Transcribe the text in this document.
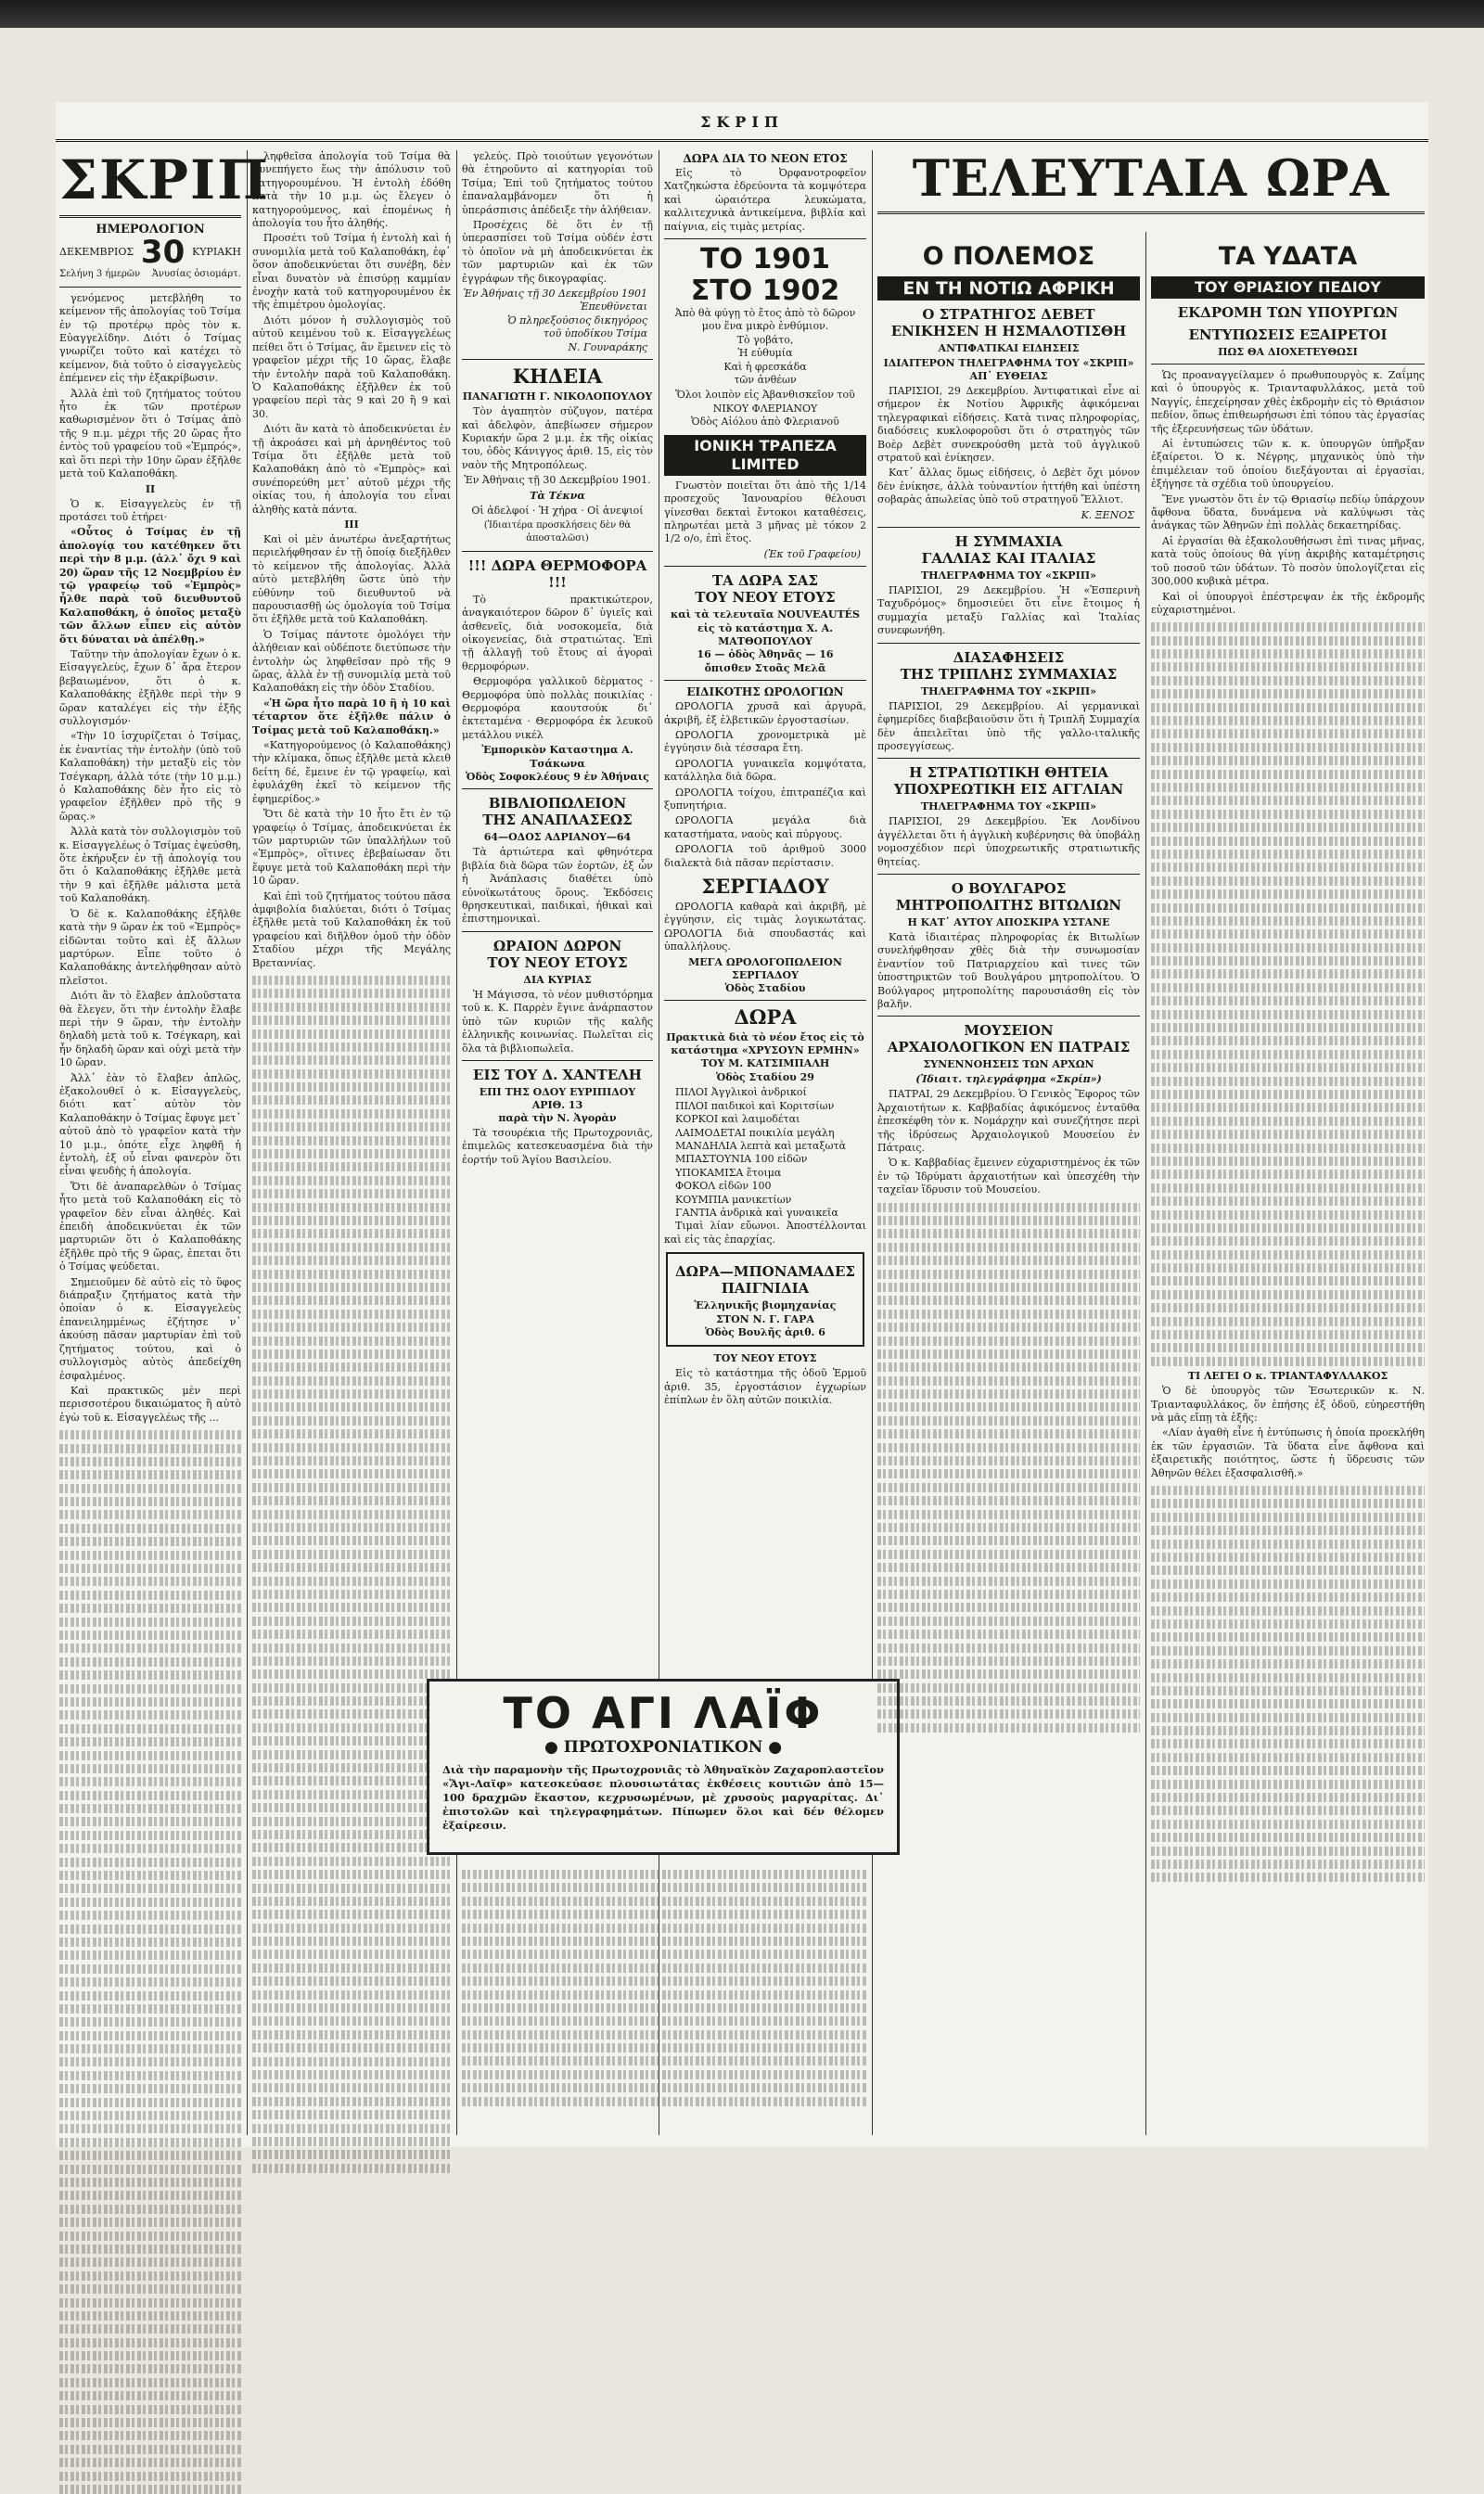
ΣΚΡΙΠ
ΣΚΡΙΠ
ΗΜΕΡΟΛΟΓΙΟΝ
ΔΕΚΕΜΒΡΙΟΣ 30 ΚΥΡΙΑΚΗ
Σελήνη 3 ήμερῶν Ἀνυσίας ὁσιομάρτ.

γενόμενος μετεβλήθη το κείμενον τῆς ἀπολογίας τοῦ Τσίμα ἐν τῷ προτέρῳ πρὸς τὸν κ. Εὐαγγελίδην. Διότι ὁ Τσίμας γνωρίζει τοῦτο καὶ κατέχει τὸ κείμενον, διὰ τοῦτο ὁ εἰσαγγελεὺς ἐπέμενεν εἰς τὴν ἐξακρίβωσιν.

Ἀλλὰ ἐπὶ τοῦ ζητήματος τούτου ἦτο ἐκ τῶν προτέρων καθωρισμένον ὅτι ὁ Τσίμας ἀπὸ τῆς 9 π.μ. μέχρι τῆς 20 ὥρας ἦτο ἐντὸς τοῦ γραφείου τοῦ «Ἐμπρός», καὶ ὅτι περὶ τὴν 10ην ὥραν ἐξῆλθε μετὰ τοῦ Καλαποθάκη.

II

Ὁ κ. Εἰσαγγελεὺς ἐν τῇ προτάσει τοῦ ἐτήρει·

«Οὗτος ὁ Τσίμας ἐν τῇ ἀπολογίᾳ του κατέθηκεν ὅτι περὶ τὴν 8 μ.μ. (ἀλλ᾽ ὄχι 9 καὶ 20) ὥραν τῆς 12 Νοεμβρίου ἐν τῷ γραφείῳ τοῦ «Ἐμπρὸς» ἦλθε παρὰ τοῦ διευθυντοῦ Καλαποθάκη, ὁ ὁποῖος μεταξὺ τῶν ἄλλων εἶπεν εἰς αὐτὸν ὅτι δύναται νὰ ἀπέλθῃ.»

Ταῦτην τὴν ἀπολογίαν ἔχων ὁ κ. Εἰσαγγελεὺς, ἔχων δ᾽ ἄρα ἔτερον βεβαιωμένον, ὅτι ὁ κ. Καλαποθάκης ἐξῆλθε περὶ τὴν 9 ὥραν καταλέγει εἰς τὴν ἑξῆς συλλογισμόν·

«Τὴν 10 ἰσχυρίζεται ὁ Τσίμας, ἐκ ἐναντίας τὴν ἐντολὴν (ὑπὸ τοῦ Καλαποθάκη) τὴν μεταξὺ εἰς τὸν Τσέγκαρη, ἀλλὰ τότε (τὴν 10 μ.μ.) ὁ Καλαποθάκης δὲν ἦτο εἰς τὸ γραφεῖον ἐξῆλθεν πρὸ τῆς 9 ὥρας.»

Ἀλλὰ κατὰ τὸν συλλογισμὸν τοῦ κ. Εἰσαγγελέως ὁ Τσίμας ἐψεύσθη, ὅτε ἐκήρυξεν ἐν τῇ ἀπολογίᾳ του ὅτι ὁ Καλαποθάκης ἐξῆλθε μετὰ τὴν 9 καὶ ἐξῆλθε μάλιστα μετὰ τοῦ Καλαποθάκη.

Ὁ δὲ κ. Καλαποθάκης ἐξῆλθε κατὰ τὴν 9 ὥραν ἐκ τοῦ «Ἐμπρὸς» εἰδῶνται τοῦτο καὶ ἐξ ἄλλων μαρτύρων. Εἶπε τοῦτο ὁ Καλαποθάκης ἀντελήφθησαν αὐτὸ πλεῖστοι.

Διότι ἂν τὸ ἔλαβεν ἀπλοῦστατα θὰ ἔλεγεν, ὅτι τὴν ἐντολὴν ἔλαβε περὶ τὴν 9 ὥραν, τὴν ἐντολὴν δηλαδὴ μετὰ τοῦ κ. Τσέγκαρη, καὶ ἦν δηλαδὴ ὥραν καὶ οὐχὶ μετὰ τὴν 10 ὥραν.

Ἀλλ᾽ ἐὰν τὸ ἔλαβεν ἀπλῶς, ἐξακολουθεῖ ὁ κ. Εἰσαγγελεὺς, διότι κατ᾽ αὐτὸν τὸν Καλαποθάκην ὁ Τσίμας ἔφυγε μετ᾽ αὐτοῦ ἀπὸ τὸ γραφεῖον κατὰ τὴν 10 μ.μ., ὁπότε εἶχε ληφθῆ ἡ ἐντολὴ, ἐξ οὗ εἶναι φανερὸν ὅτι εἶναι ψευδὴς ἡ ἀπολογία.

Ὅτι δὲ ἀναπαρελθὼν ὁ Τσίμας ἦτο μετὰ τοῦ Καλαποθάκη εἰς τὸ γραφεῖον δὲν εἶναι ἀληθές. Καὶ ἐπειδὴ ἀποδεικνύεται ἐκ τῶν μαρτυριῶν ὅτι ὁ Καλαποθάκης ἐξῆλθε πρὸ τῆς 9 ὥρας, ἐπεται ὅτι ὁ Τσίμας ψεύδεται.

Σημειοῦμεν δὲ αὐτὸ εἰς τὸ ὕφος διάπραξιν ζητήματος κατὰ τὴν ὁποίαν ὁ κ. Εἰσαγγελεὺς ἐπανειλημμένως ἐζήτησε ν᾽ ἀκούσῃ πᾶσαν μαρτυρίαν ἐπὶ τοῦ ζητήματος τούτου, καὶ ὁ συλλογισμὸς αὐτὸς ἀπεδείχθη ἐσφαλμένος.

Καὶ πρακτικῶς μὲν περὶ περισσοτέρου δικαιώματος ἢ αὐτὸ ἐγὼ τοῦ κ. Εἰσαγγελέως τῆς ...

ληφθεῖσα ἀπολογία τοῦ Τσίμα θὰ συνεπήγετο ἕως τὴν ἀπόλυσιν τοῦ κατηγορουμένου. Ἡ ἐντολὴ ἐδόθη κατὰ τὴν 10 μ.μ. ὡς ἔλεγεν ὁ κατηγορούμενος, καὶ ἐπομένως ἡ ἀπολογία του ἦτο ἀληθής.

Προσέτι τοῦ Τσίμα ἡ ἐντολὴ καὶ ἡ συνομιλία μετὰ τοῦ Καλαποθάκη, ἐφ᾽ ὅσον ἀποδεικνύεται ὅτι συνέβη, δὲν εἶναι δυνατὸν νὰ ἐπισύρῃ καμμίαν ἐνοχὴν κατὰ τοῦ κατηγορουμένου ἐκ τῆς ἐπιμέτρου ὁμολογίας.

Διότι μόνον ἡ συλλογισμὸς τοῦ αὐτοῦ κειμένου τοῦ κ. Εἰσαγγελέως πείθει ὅτι ὁ Τσίμας, ἂν ἔμεινεν εἰς τὸ γραφεῖον μέχρι τῆς 10 ὥρας, ἔλαβε τὴν ἐντολὴν παρὰ τοῦ Καλαποθάκη. Ὁ Καλαποθάκης ἐξῆλθεν ἐκ τοῦ γραφείου περὶ τὰς 9 καὶ 20 ἢ 9 καὶ 30.

Διότι ἂν κατὰ τὸ ἀποδεικνύεται ἐν τῇ ἀκροάσει καὶ μὴ ἀρνηθέντος τοῦ Τσίμα ὅτι ἐξῆλθε μετὰ τοῦ Καλαποθάκη ἀπὸ τὸ «Ἐμπρὸς» καὶ συνέπορεύθη μετ᾽ αὐτοῦ μέχρι τῆς οἰκίας του, ἡ ἀπολογία του εἶναι ἀληθὴς κατὰ πάντα.

III

Καὶ οἱ μὲν ἀνωτέρω ἀνεξαρτήτως περιελήφθησαν ἐν τῇ ὁποίᾳ διεξῆλθεν τὸ κείμενον τῆς ἀπολογίας. Ἀλλὰ αὐτὸ μετεβλήθη ὥστε ὑπὸ τὴν εὐθύνην τοῦ διευθυντοῦ νὰ παρουσιασθῇ ὡς ὁμολογία τοῦ Τσίμα ὅτι ἐξῆλθε μετὰ τοῦ Καλαποθάκη.

Ὁ Τσίμας πάντοτε ὁμολόγει τὴν ἀλήθειαν καὶ οὐδέποτε διετύπωσε τὴν ἐντολὴν ὡς ληφθεῖσαν πρὸ τῆς 9 ὥρας, ἀλλὰ ἐν τῇ συνομιλίᾳ μετὰ τοῦ Καλαποθάκη εἰς τὴν ὁδὸν Σταδίου.

«Ἡ ὥρα ἦτο παρὰ 10 ἢ ἡ 10 καὶ τέταρτον ὅτε ἐξῆλθε πάλιν ὁ Τσίμας μετὰ τοῦ Καλαποθάκη.»

«Κατηγορούμενος (ὁ Καλαποθάκης) τὴν κλίμακα, ὅπως ἐξῆλθε μετὰ κλειθ δείτη δέ, ἔμεινε ἐν τῷ γραφείῳ, καὶ ἐφυλάχθη ἐκεῖ τὸ κείμενον τῆς ἐφημερίδος.»

Ὅτι δὲ κατὰ τὴν 10 ἦτο ἔτι ἐν τῷ γραφείῳ ὁ Τσίμας, ἀποδεικνύεται ἐκ τῶν μαρτυριῶν τῶν ὑπαλλήλων τοῦ «Ἐμπρὸς», οἵτινες ἐβεβαίωσαν ὅτι ἔφυγε μετὰ τοῦ Καλαποθάκη περὶ τὴν 10 ὥραν.

Καὶ ἐπὶ τοῦ ζητήματος τούτου πᾶσα ἀμφιβολία διαλύεται, διότι ὁ Τσίμας ἐξῆλθε μετὰ τοῦ Καλαποθάκη ἐκ τοῦ γραφείου καὶ διῆλθον ὁμοῦ τὴν ὁδὸν Σταδίου μέχρι τῆς Μεγάλης Βρεταννίας.

γελεύς. Πρὸ τοιούτων γεγονότων θὰ ἐτηροῦντο αἱ κατηγορίαι τοῦ Τσίμα; Ἐπὶ τοῦ ζητήματος τούτου ἐπαναλαμβάνομεν ὅτι ἡ ὑπεράσπισις ἀπέδειξε τὴν ἀλήθειαν.

Προσέχεις δὲ ὅτι ἐν τῇ ὑπερασπίσει τοῦ Τσίμα οὐδέν ἐστι τὸ ὁποῖον νὰ μὴ ἀποδεικνύεται ἐκ τῶν μαρτυριῶν καὶ ἐκ τῶν ἐγγράφων τῆς δικογραφίας.

Ἐν Ἀθήναις τῇ 30 Δεκεμβρίου 1901
Ἐπευθύνεται
Ὁ πληρεξούσιος δικηγόρος
τοῦ ὑποδίκου Τσίμα
Ν. Γουναράκης
ΚΗΔΕΙΑ
ΠΑΝΑΓΙΩΤΗ Γ. ΝΙΚΟΛΟΠΟΥΛΟΥ

Τὸν ἀγαπητὸν σύζυγον, πατέρα καὶ ἀδελφὸν, ἀπεβίωσεν σήμερον Κυριακήν ὥρα 2 μ.μ. ἐκ τῆς οἰκίας του, ὁδὸς Κάνιγγος ἀριθ. 15, εἰς τὸν ναὸν τῆς Μητροπόλεως.

Ἐν Ἀθήναις τῇ 30 Δεκεμβρίου 1901.

Τὰ Τέκνα

Οἱ ἀδελφοί · Ἡ χήρα · Οἱ ἀνεψιοί

(Ἰδιαιτέρα προσκλήσεις δὲν θὰ ἀποσταλῶσι)

!!! ΔΩΡΑ ΘΕΡΜΟΦΟΡΑ !!!

Τὸ πρακτικώτερον, ἀναγκαιότερον δῶρον δ᾽ ὑγιεῖς καὶ ἀσθενεῖς, διὰ νοσοκομεῖα, διὰ οἰκογενείας, διὰ στρατιώτας. Ἐπὶ τῇ ἀλλαγῇ τοῦ ἔτους αἱ ἀγοραὶ θερμοφόρων.

Θερμοφόρα γαλλικοῦ δὲρματος · Θερμοφόρα ὑπὸ πολλὰς ποικιλίας · Θερμοφόρα καουτσούκ δι᾽ ἐκτεταμένα · Θερμοφόρα ἐκ λευκοῦ μετάλλου νικέλ

Ἐμπορικὸν Καταστημα Α. Τσάκωνα
Ὁδὸς Σοφοκλέους 9 ἐν Ἀθήναις

ΒΙΒΛΙΟΠΩΛΕΙΟΝ
ΤΗΣ ΑΝΑΠΛΑΣΕΩΣ
64—ΟΔΟΣ ΑΔΡΙΑΝΟΥ—64

Τὰ ἀρτιώτερα καὶ φθηνότερα βιβλία διὰ δῶρα τῶν ἑορτῶν, ἐξ ὧν ἡ Ἀνάπλασις διαθέτει ὑπὸ εὐνοϊκωτάτους ὅρους. Ἐκδόσεις θρησκευτικαὶ, παιδικαὶ, ἠθικαὶ καὶ ἐπιστημονικαὶ.

ΩΡΑΙΟΝ ΔΩΡΟΝ
ΤΟΥ ΝΕΟΥ ΕΤΟΥΣ
ΔΙΑ ΚΥΡΙΑΣ

Ἡ Μάγισσα, τὸ νέον μυθιστόρημα τοῦ κ. Κ. Παρρὲν ἔγινε ἀνάρπαστον ὑπὸ τῶν κυριῶν τῆς καλῆς ἑλληνικῆς κοινωνίας. Πωλεῖται εἰς ὅλα τὰ βιβλιοπωλεῖα.

ΕΙΣ ΤΟΥ Δ. ΧΑΝΤΕΛΗ
ΕΠΙ ΤΗΣ ΟΔΟΥ ΕΥΡΙΠΙΔΟΥ ΑΡΙΘ. 13
παρὰ τὴν Ν. Ἀγορὰν

Τὰ τσουρέκια τῆς Πρωτοχρονιᾶς, ἐπιμελῶς κατεσκευασμένα διὰ τὴν ἑορτήν τοῦ Ἁγίου Βασιλείου.

ΔΩΡΑ ΔΙΑ ΤΟ ΝΕΟΝ ΕΤΟΣ

Εἰς τὸ Ὀρφανοτροφεῖον Χατζηκώστα ἐδρεύοντα τὰ κομψότερα καὶ ὡραιότερα λευκώματα, καλλιτεχνικὰ ἀντικείμενα, βιβλία καὶ παίγνια, εἰς τιμὰς μετρίας.

ΤΟ 1901
ΣΤΟ 1902

Ἀπὸ θὰ φύγῃ τὸ ἔτος ἀπὸ τὸ δῶρον μου ἕνα μικρὸ ἐνθύμιον.
Τὸ γοβάτο,
Ἡ εὐθυμία
Καὶ ἡ φρεσκάδα
τῶν ἀνθέων

Ὅλοι λοιπὸν εἰς Ἀβανθισκεῖον τοῦ ΝΙΚΟΥ ΦΛΕΡΙΑΝΟΥ
Ὁδὸς Αἰόλου ἀπὸ Φλεριανοῦ

ΙΟΝΙΚΗ ΤΡΑΠΕΖΑ LIMITED

Γνωστὸν ποιεῖται ὅτι ἀπὸ τῆς 1/14 προσεχοῦς Ἰανουαρίου θέλουσι γίνεσθαι δεκταὶ ἔντοκοι καταθέσεις, πληρωτέαι μετὰ 3 μῆνας μὲ τόκον 2 1/2 ο/ο, ἐπὶ ἕτος.

(Ἐκ τοῦ Γραφείου)
ΤΑ ΔΩΡΑ ΣΑΣ
ΤΟΥ ΝΕΟΥ ΕΤΟΥΣ

καὶ τὰ τελευταῖα NOUVEAUTÉS
εἰς τὸ κατάστημα Χ. Α. ΜΑΤΘΟΠΟΥΛΟΥ
16 — ὁδὸς Ἀθηνᾶς — 16
ὄπισθεν Στοᾶς Μελᾶ

ΕΙΔΙΚΟΤΗΣ ΩΡΟΛΟΓΙΩΝ

ΩΡΟΛΟΓΙΑ χρυσᾶ καὶ ἀργυρᾶ, ἀκριβῆ, ἐξ ἐλβετικῶν ἐργοστασίων.

ΩΡΟΛΟΓΙΑ χρονομετρικὰ μὲ ἐγγύησιν διὰ τέσσαρα ἔτη.

ΩΡΟΛΟΓΙΑ γυναικεῖα κομψότατα, κατάλληλα διὰ δῶρα.

ΩΡΟΛΟΓΙΑ τοίχου, ἐπιτραπέζια καὶ ξυπνητήρια.

ΩΡΟΛΟΓΙΑ μεγάλα διὰ καταστήματα, ναοὺς καὶ πύργους.

ΩΡΟΛΟΓΙΑ τοῦ ἀριθμοῦ 3000 διαλεκτὰ διὰ πᾶσαν περίστασιν.

ΣΕΡΓΙΑΔΟΥ

ΩΡΟΛΟΓΙΑ καθαρὰ καὶ ἀκριβῆ, μὲ ἐγγύησιν, εἰς τιμὰς λογικωτάτας. ΩΡΟΛΟΓΙΑ διὰ σπουδαστάς καὶ ὑπαλλήλους.

ΜΕΓΑ ΩΡΟΛΟΓΟΠΩΛΕΙΟΝ ΣΕΡΓΙΑΔΟΥ
Ὁδὸς Σταδίου
ΔΩΡΑ

Πρακτικὰ διὰ τὸ νέον ἔτος εἰς τὸ κατάστημα «ΧΡΥΣΟΥΝ ΕΡΜΗΝ»
ΤΟΥ Μ. ΚΑΤΣΙΜΠΑΛΗ
Ὁδὸς Σταδίου 29

ΠΙΛΟΙ Ἀγγλικοὶ ἀνδρικοί

ΠΙΛΟΙ παιδικοὶ καὶ Κοριτσίων

ΚΟΡΚΟΙ καὶ λαιμοδέται

ΛΑΙΜΟΔΕΤΑΙ ποικιλία μεγάλη

ΜΑΝΔΗΛΙΑ λεπτὰ καὶ μεταξωτὰ

ΜΠΑΣΤΟΥΝΙΑ 100 εἰδῶν

ΥΠΟΚΑΜΙΣΑ ἔτοιμα

ΦΟΚΟΛ εἰδῶν 100

ΚΟΥΜΠΙΑ μανικετίων

ΓΑΝΤΙΑ ἀνδρικὰ καὶ γυναικεῖα

Τιμαὶ λίαν εὔωνοι. Ἀποστέλλονται καὶ εἰς τὰς ἐπαρχίας.

ΔΩΡΑ—ΜΠΟΝΑΜΑΔΕΣ
ΠΑΙΓΝΙΔΙΑ

Ἑλληνικῆς βιομηχανίας
ΣΤΟΝ Ν. Γ. ΓΑΡΑ
Ὁδὸς Βουλῆς ἀριθ. 6

ΤΟΥ ΝΕΟΥ ΕΤΟΥΣ

Εἰς τὸ κατάστημα τῆς ὁδοῦ Ἑρμοῦ ἀριθ. 35, ἐργοστάσιον ἐγχωρίων ἐπίπλων ἐν ὅλη αὐτῶν ποικιλία.

ΤΟ ΑΓΙ ΛΑΪΦ
● ΠΡΩΤΟΧΡΟΝΙΑΤΙΚΟΝ ●
Διὰ τὴν παραμονὴν τῆς Πρωτοχρονιᾶς τὸ Ἀθηναϊκὸν Ζαχαροπλαστεῖον «Ἅγι-Λαϊφ» κατεσκεύασε πλουσιωτάτας ἐκθέσεις κουτιῶν ἀπὸ 15—100 δραχμῶν ἕκαστον, κεχρυσωμένων, μὲ χρυσοὺς μαργαρίτας. Δι᾽ ἐπιστολῶν καὶ τηλεγραφημάτων. Πίπωμεν ὅλοι καὶ δέν θέλομεν ἐξαίρεσιν.
ΤΕΛΕΥΤΑΙΑ ΩΡΑ
Ο ΠΟΛΕΜΟΣ
ΕΝ ΤΗ ΝΟΤΙΩ ΑΦΡΙΚΗ
Ο ΣΤΡΑΤΗΓΟΣ ΔΕΒΕΤ
ΕΝΙΚΗΣΕΝ Η ΗΣΜΑΛΟΤΙΣΘΗ
ΑΝΤΙΦΑΤΙΚΑΙ ΕΙΔΗΣΕΙΣ
ΙΔΙΑΙΤΕΡΟΝ ΤΗΛΕΓΡΑΦΗΜΑ ΤΟΥ «ΣΚΡΙΠ»
ΑΠ᾽ ΕΥΘΕΙΑΣ

ΠΑΡΙΣΙΟΙ, 29 Δεκεμβρίου. Ἀντιφατικαὶ εἶνε αἱ σήμερον ἐκ Νοτίου Ἀφρικῆς ἀφικόμεναι τηλεγραφικαὶ εἰδήσεις. Κατὰ τινας πληροφορίας, διαδόσεις κυκλοφοροῦσι ὅτι ὁ στρατηγὸς τῶν Βοὲρ Δεβὲτ συνεκρούσθη μετὰ τοῦ ἀγγλικοῦ στρατοῦ καὶ ἐνίκησεν.

Κατ᾽ ἄλλας ὅμως εἰδήσεις, ὁ Δεβὲτ ὄχι μόνον δὲν ἐνίκησε, ἀλλὰ τοὐναντίον ἡττήθη καὶ ὑπέστη σοβαρὰς ἀπωλείας ὑπὸ τοῦ στρατηγοῦ Ἔλλιοτ.

Κ. ΞΕΝΟΣ
Η ΣΥΜΜΑΧΙΑ
ΓΑΛΛΙΑΣ ΚΑΙ ΙΤΑΛΙΑΣ
ΤΗΛΕΓΡΑΦΗΜΑ ΤΟΥ «ΣΚΡΙΠ»

ΠΑΡΙΣΙΟΙ, 29 Δεκεμβρίου. Ἡ «Ἑσπερινὴ Ταχυδρόμος» δημοσιεύει ὅτι εἶνε ἔτοιμος ἡ συμμαχία μεταξὺ Γαλλίας καὶ Ἰταλίας συνεφωνήθη.

ΔΙΑΣΑΦΗΣΕΙΣ
ΤΗΣ ΤΡΙΠΛΗΣ ΣΥΜΜΑΧΙΑΣ
ΤΗΛΕΓΡΑΦΗΜΑ ΤΟΥ «ΣΚΡΙΠ»

ΠΑΡΙΣΙΟΙ, 29 Δεκεμβρίου. Αἱ γερμανικαὶ ἐφημερίδες διαβεβαιοῦσιν ὅτι ἡ Τριπλῆ Συμμαχία δὲν ἀπειλεῖται ὑπὸ τῆς γαλλο-ιταλικῆς προσεγγίσεως.

Η ΣΤΡΑΤΙΩΤΙΚΗ ΘΗΤΕΙΑ
ΥΠΟΧΡΕΩΤΙΚΗ ΕΙΣ ΑΓΓΛΙΑΝ
ΤΗΛΕΓΡΑΦΗΜΑ ΤΟΥ «ΣΚΡΙΠ»

ΠΑΡΙΣΙΟΙ, 29 Δεκεμβρίου. Ἐκ Λονδίνου ἀγγέλλεται ὅτι ἡ ἀγγλικὴ κυβέρνησις θὰ ὑποβάλῃ νομοσχέδιον περὶ ὑποχρεωτικῆς στρατιωτικῆς θητείας.

Ο ΒΟΥΛΓΑΡΟΣ
ΜΗΤΡΟΠΟΛΙΤΗΣ ΒΙΤΩΛΙΩΝ
Η ΚΑΤ᾽ ΑΥΤΟΥ ΑΠΟΣΚΙΡΑ ΥΣΤΑΝΕ

Κατὰ ἰδιαιτέρας πληροφορίας ἐκ Βιτωλίων συνελήφθησαν χθὲς διὰ τὴν συνωμοσίαν ἐναντίον τοῦ Πατριαρχείου καὶ τινες τῶν ὑποστηρικτῶν τοῦ Βουλγάρου μητροπολίτου. Ὁ Βούλγαρος μητροπολίτης παρουσιάσθη εἰς τὸν βαλῆν.

ΜΟΥΣΕΙΟΝ
ΑΡΧΑΙΟΛΟΓΙΚΟΝ ΕΝ ΠΑΤΡΑΙΣ
ΣΥΝΕΝΝΟΗΣΕΙΣ ΤΩΝ ΑΡΧΩΝ
(Ἰδιαιτ. τηλεγράφημα «Σκρίπ»)

ΠΑΤΡΑΙ, 29 Δεκεμβρίου. Ὁ Γενικὸς Ἔφορος τῶν Ἀρχαιοτήτων κ. Καββαδίας ἀφικόμενος ἐνταῦθα ἐπεσκέφθη τὸν κ. Νομάρχην καὶ συνεζήτησε περὶ τῆς ἱδρύσεως Ἀρχαιολογικοῦ Μουσείου ἐν Πάτραις.

Ὁ κ. Καββαδίας ἔμεινεν εὐχαριστημένος ἐκ τῶν ἐν τῷ Ἰδρύματι ἀρχαιοτήτων καὶ ὑπεσχέθη τὴν ταχεῖαν ἵδρυσιν τοῦ Μουσείου.

ΤΑ ΥΔΑΤΑ
ΤΟΥ ΘΡΙΑΣΙΟΥ ΠΕΔΙΟΥ
ΕΚΔΡΟΜΗ ΤΩΝ ΥΠΟΥΡΓΩΝ
ΕΝΤΥΠΩΣΕΙΣ ΕΞΑΙΡΕΤΟΙ
ΠΩΣ ΘΑ ΔΙΟΧΕΤΕΥΘΩΣΙ

Ὡς προαναγγείλαμεν ὁ πρωθυπουργὸς κ. Ζαΐμης καὶ ὁ ὑπουργὸς κ. Τριανταφυλλάκος, μετὰ τοῦ Ναγγίς, ἐπεχείρησαν χθὲς ἐκδρομὴν εἰς τὸ Θριάσιον πεδίον, ὅπως ἐπιθεωρήσωσι ἐπὶ τόπου τὰς ἐργασίας τῆς ἐξερευνήσεως τῶν ὑδάτων.

Αἱ ἐντυπώσεις τῶν κ. κ. ὑπουργῶν ὑπῆρξαν ἐξαίρετοι. Ὁ κ. Νέγρης, μηχανικὸς ὑπὸ τὴν ἐπιμέλειαν τοῦ ὁποίου διεξάγονται αἱ ἐργασίαι, ἐξήγησε τὰ σχέδια τοῦ ὑπουργείου.

Ἕνε γνωστὸν ὅτι ἐν τῷ Θριασίῳ πεδίῳ ὑπάρχουν ἄφθονα ὕδατα, δυνάμενα νὰ καλύψωσι τὰς ἀνάγκας τῶν Ἀθηνῶν ἐπὶ πολλὰς δεκαετηρίδας.

Αἱ ἐργασίαι θὰ ἐξακολουθήσωσι ἐπὶ τινας μῆνας, κατὰ τοὺς ὁποίους θὰ γίνῃ ἀκριβὴς καταμέτρησις τοῦ ποσοῦ τῶν ὑδάτων. Τὸ ποσὸν ὑπολογίζεται εἰς 300,000 κυβικὰ μέτρα.

Καὶ οἱ ὑπουργοὶ ἐπέστρεψαν ἐκ τῆς ἐκδρομῆς εὐχαριστημένοι.

ΤΙ ΛΕΓΕΙ Ο κ. ΤΡΙΑΝΤΑΦΥΛΛΑΚΟΣ

Ὁ δὲ ὑπουργὸς τῶν Ἐσωτερικῶν κ. Ν. Τριανταφυλλάκος, ὅν ἐπήσης ἐξ ὁδοῦ, εὐηρεστήθη νὰ μᾶς εἴπῃ τὰ ἑξῆς:

«Λίαν ἀγαθὴ εἶνε ἡ ἐντύπωσις ἡ ὁποία προεκλήθη ἐκ τῶν ἐργασιῶν. Τὰ ὕδατα εἶνε ἄφθονα καὶ ἐξαιρετικῆς ποιότητος, ὥστε ἡ ὕδρευσις τῶν Ἀθηνῶν θέλει ἐξασφαλισθῆ.»
